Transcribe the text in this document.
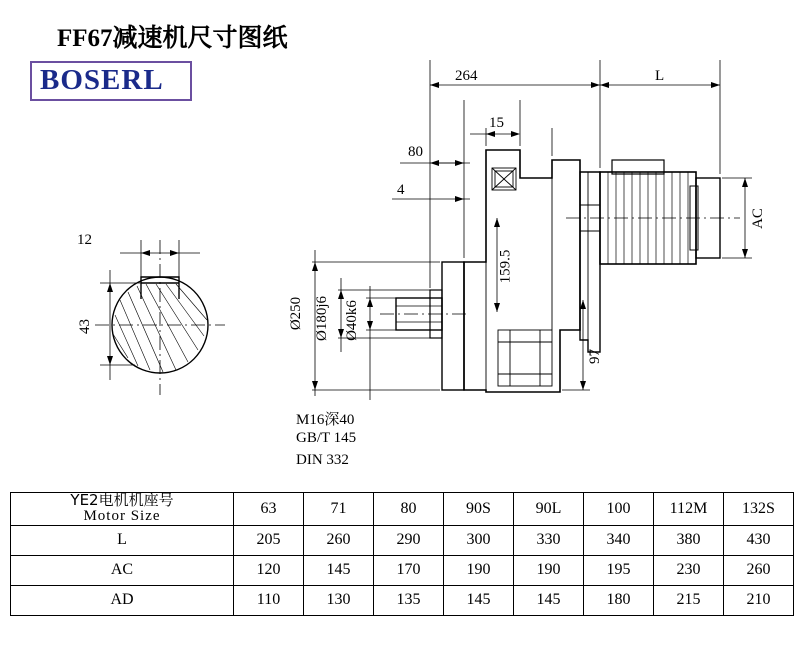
FF67减速机尺寸图纸
BOSERL	264	L
15
80
4
AC
159.5
Ø250 Ø180j6 Ø40k6
97
12
43
M16深40
GB/T 145
DIN 332
YE2电机机座号
Motor Size	63	71	80	90S	90L	100	112M	132S
L	205	260	290	300	330	340	380	430
AC	120	145	170	190	190	195	230	260
AD	110	130	135	145	145	180	215	210
